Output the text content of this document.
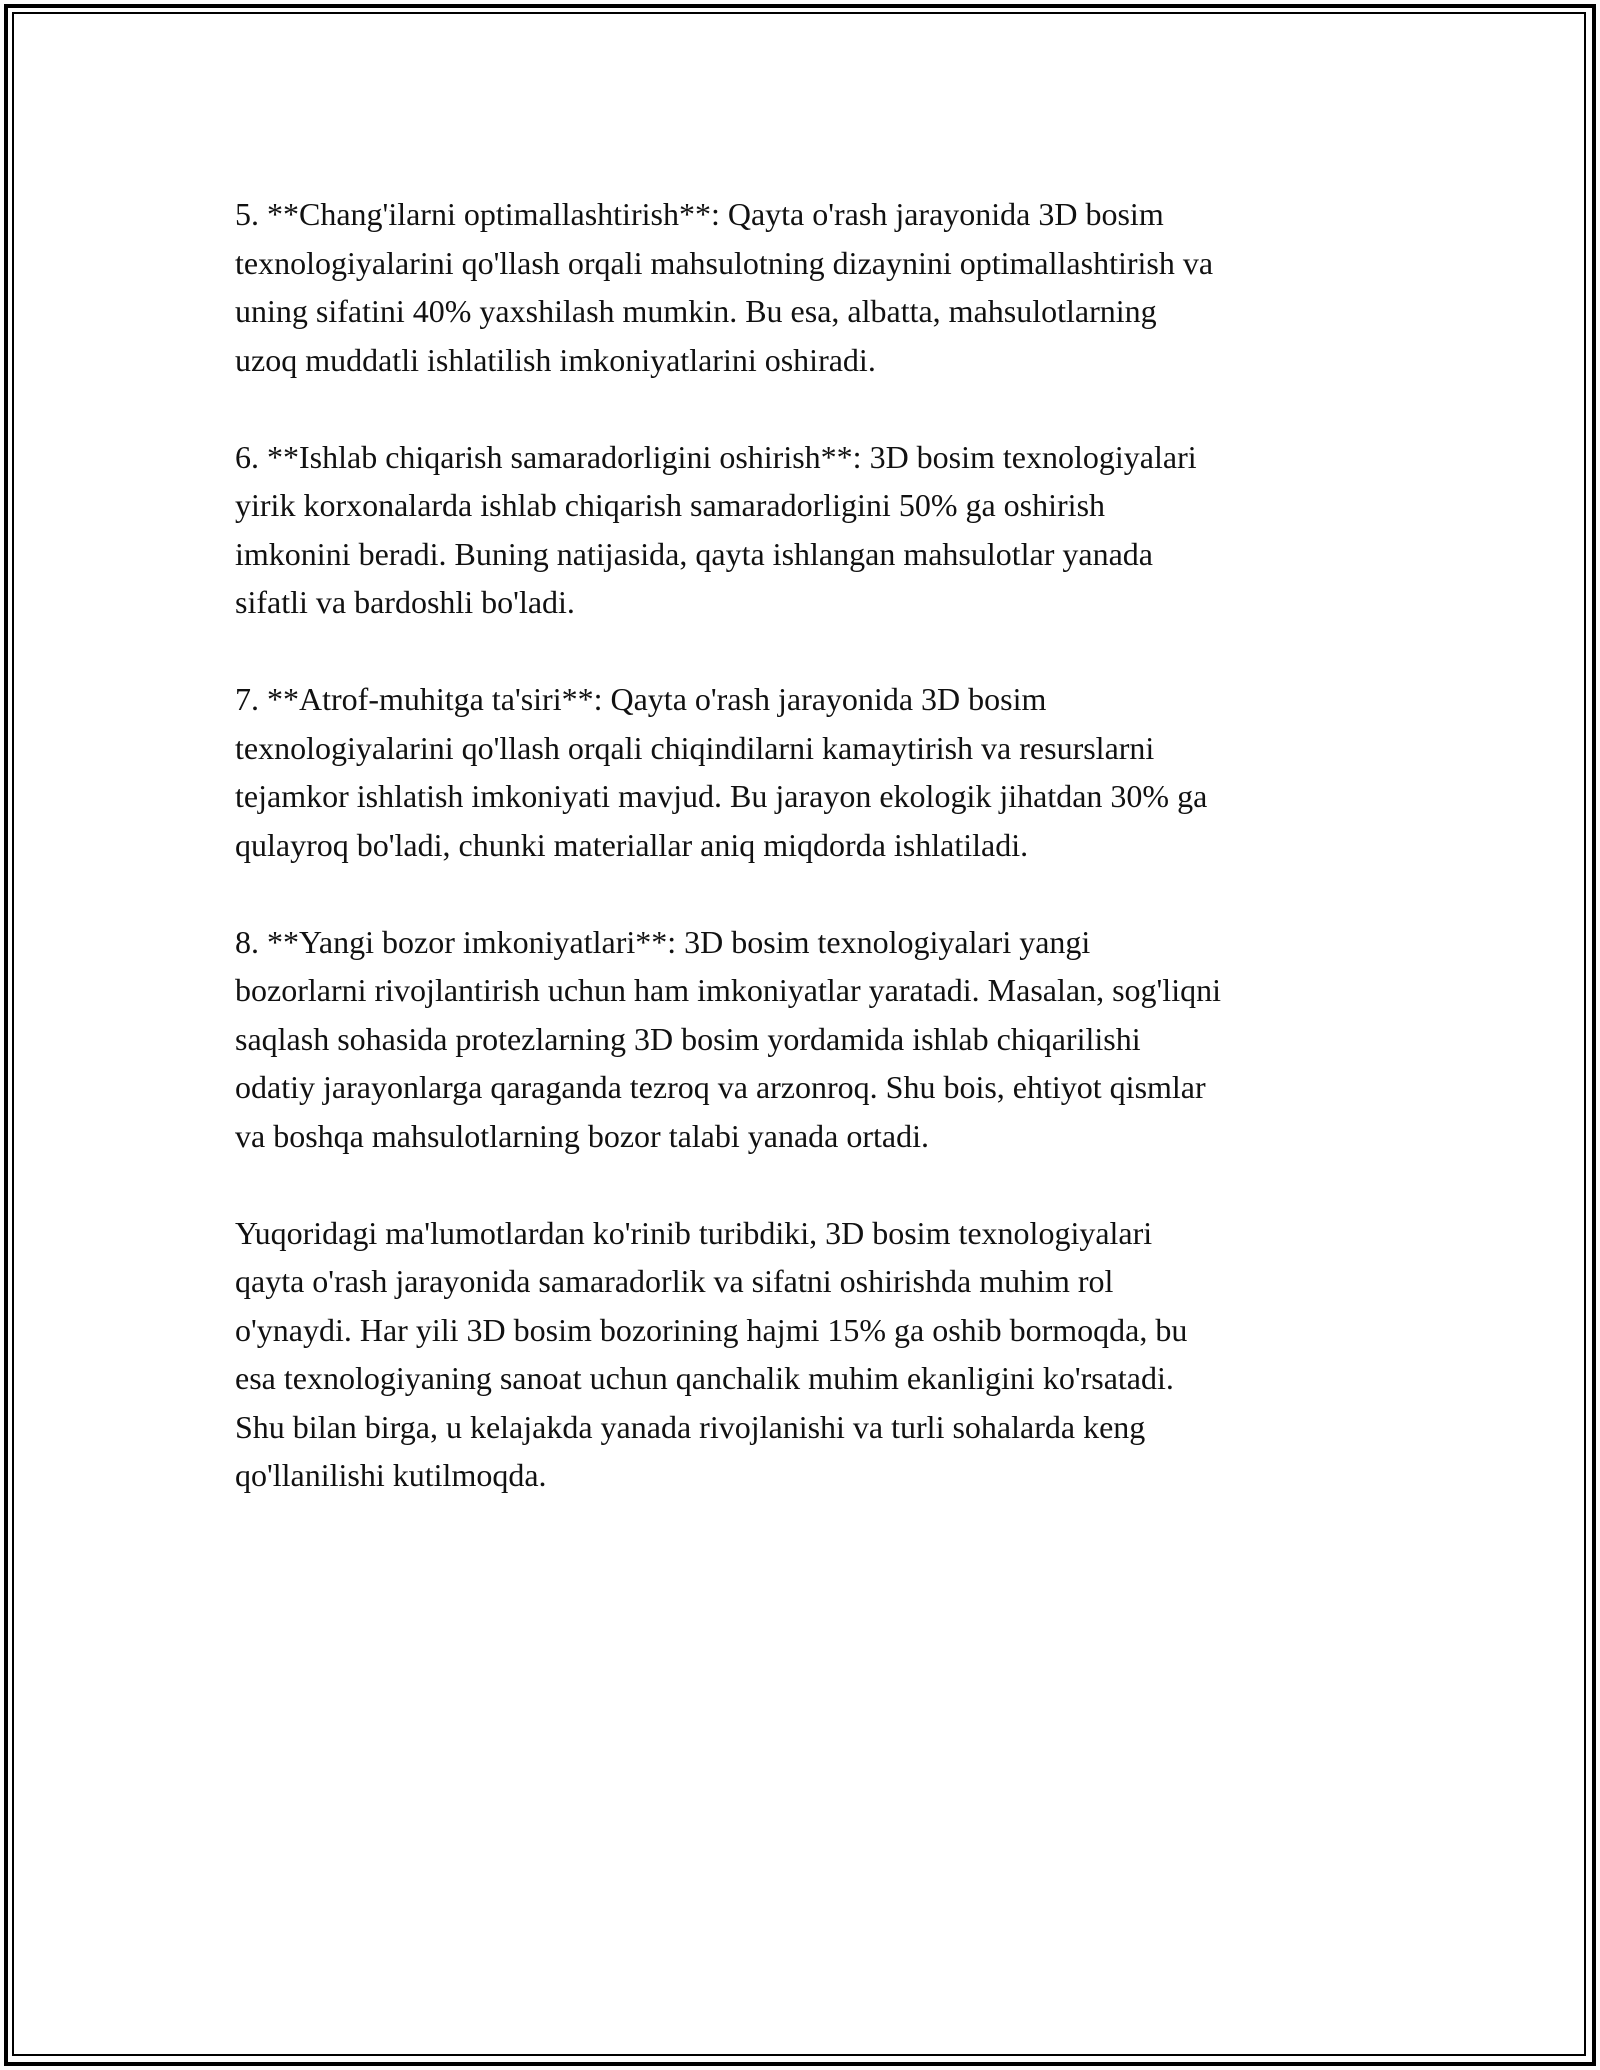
5. **Chang'ilarni optimallashtirish**: Qayta o'rash jarayonida 3D bosim
texnologiyalarini qo'llash orqali mahsulotning dizaynini optimallashtirish va
uning sifatini 40% yaxshilash mumkin. Bu esa, albatta, mahsulotlarning
uzoq muddatli ishlatilish imkoniyatlarini oshiradi.

6. **Ishlab chiqarish samaradorligini oshirish**: 3D bosim texnologiyalari
yirik korxonalarda ishlab chiqarish samaradorligini 50% ga oshirish
imkonini beradi. Buning natijasida, qayta ishlangan mahsulotlar yanada
sifatli va bardoshli bo'ladi.

7. **Atrof-muhitga ta'siri**: Qayta o'rash jarayonida 3D bosim
texnologiyalarini qo'llash orqali chiqindilarni kamaytirish va resurslarni
tejamkor ishlatish imkoniyati mavjud. Bu jarayon ekologik jihatdan 30% ga
qulayroq bo'ladi, chunki materiallar aniq miqdorda ishlatiladi.

8. **Yangi bozor imkoniyatlari**: 3D bosim texnologiyalari yangi
bozorlarni rivojlantirish uchun ham imkoniyatlar yaratadi. Masalan, sog'liqni
saqlash sohasida protezlarning 3D bosim yordamida ishlab chiqarilishi
odatiy jarayonlarga qaraganda tezroq va arzonroq. Shu bois, ehtiyot qismlar
va boshqa mahsulotlarning bozor talabi yanada ortadi.

Yuqoridagi ma'lumotlardan ko'rinib turibdiki, 3D bosim texnologiyalari
qayta o'rash jarayonida samaradorlik va sifatni oshirishda muhim rol
o'ynaydi. Har yili 3D bosim bozorining hajmi 15% ga oshib bormoqda, bu
esa texnologiyaning sanoat uchun qanchalik muhim ekanligini ko'rsatadi.
Shu bilan birga, u kelajakda yanada rivojlanishi va turli sohalarda keng
qo'llanilishi kutilmoqda.
